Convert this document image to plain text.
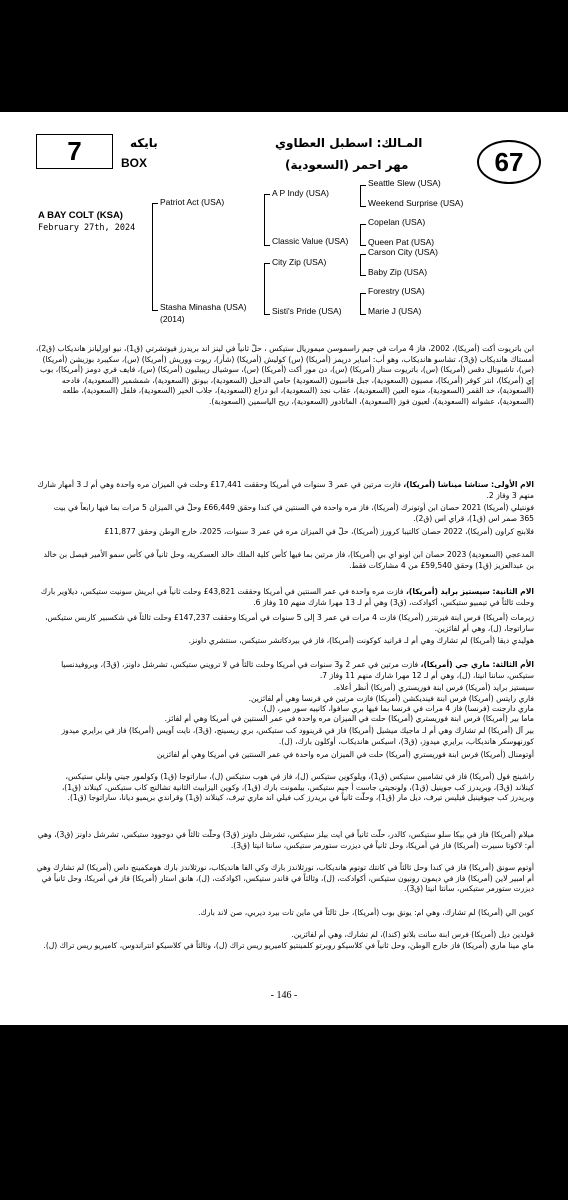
7	بايكه
BOX
المـالك: اسطبل العطاوي
مهر احمر (السعودية)	67
A BAY COLT (KSA)
February 27th, 2024
Patriot Act (USA)
Stasha Minasha (USA)
(2014)
A P Indy (USA)
Classic Value (USA)
City Zip (USA)
Sisti's Pride (USA)
Seattle Slew (USA)
Weekend Surprise (USA)
Copelan (USA)
Queen Pat (USA)
Carson City (USA)
Baby Zip (USA)
Forestry (USA)
Marie J (USA)
ابن باتريوت أكت (أمريكا)، 2002، فاز 4 مرات في جيم راسموسن ميموريال ستيكس ، حلّ ثانياً في لينز اند بريدرز فيوتشرتي (ق1)، نيو اورليانز هانديكاب (ق2)، أمستاك هانديكاب (ق3)، تشاسو هانديكاب، وهو أب: امباير دريمز (أمريكا) (س) كوليش (أمريكا) (شأر)، ريوت ووريش (أمريكا) (س)، سكيبرد بوزيشن (أمريكا) (س)، تاشيونال دقس (أمريكا) (س)، باتريوت ستار (أمريكا) (س)، دن مور أكت (أمريكا) (س)، سوشيال ريبيليون (أمريكا) (س)، فايف فري دومز (أمريكا)، بوب إي (أمريكا)، انتر كوفر (أمريكا)، مصيون (السعودية)، جبل قاسيون (السعودية) حامي الدخيل (السعودية)، بيونق (السعودية)، شمشمير (السعودية)، فادحه (السعودية)، خد القمر (السعودية)، منوه العين (السعودية)، عقاب نجد (السعودية)، ابو دراع (السعودية)، جلاب الخير (السعودية)، فلفل (السعودية)، طلعه (السعودية)، عشوانه (السعودية)، لعيون فوز (السعودية)، الماتادور (السعودية)، ريح الياسمين (السعودية).
الام الأولى: ستاشا ميناشا (أمريكا)، فازت مرتين في عمر 3 سنوات في أمريكا وحققت ‎£17,441‎ وحلت في الميزان مره واحدة وهي أم لـ 3 أمهار شارك منهم 3 وفاز 2.
فونتيلي (أمريكا) 2021 حصان ابن أوتونرك (أمريكا)، فاز مره واحدة في السنتين في كندا وحقق ‎£66,449‎ وحلّ في الميزان 5 مرات بما فيها رابعاً في بيت 365 صمر اس (ق1)، قراي اس (ق2).
فلابنج كراون (أمريكا)، 2022 حصان كالتيبا كرورز (أمريكا)، حلّ في الميزان مره في عمر 3 سنوات، 2025، خارج الوطن وحقق ‎£11,877
المدعجي (السعودية) 2023 حصان ابن اونو اي بي (أمريكا)، فاز مرتين بما فيها كأس كلية الملك خالد العسكرية، وحل ثانياً في كأس سمو الأمير فيصل بن خالد بن عبدالعزيز (ق1) وحقق ‎£59,540‎ من 4 مشاركات فقط.
الام الثانية: سيستيز برايد (أمريكا)، فازت مره واحدة في عمر السنتين في أمريكا وحققت ‎£43,821‎ وحلت ثانياً في ابريش سونيت ستيكس، ديلاوير بارك وحلت ثالثاً في تيمبيو ستيكس، أكوادكت، (ق3) وهي أم لـ 13 مهرا شارك منهم 10 وفاز 6.
زيرمات (أمريكا) فرس ابنة فيرنتزر (أمريكا) فازت 4 مرات في عمر 3 إلى 5 سنوات في أمريكا وحققت ‎£147,237‎ وحلت ثالثاً في شكسبير كاربس ستيكس، ساراتوجا، (ل)، وهي أم لفائزين.
هوليدي ديقا (أمريكا) لم تشارك وهي أم لـ قرانيد كوكونت (أمريكا)، فاز في بيردكاتشر ستيكس، سنتشري داونز.
الأم الثالثة: ماري جي (أمريكا)، فازت مرتين في عمر 2 و3 سنوات في أمريكا وحلت ثالثاً في لا ترويني ستيكس، تشرشل داونز، (ق3)، وبروفيدنسيا ستيكس، ساننا انيتا، (ل)، وهي أم لـ 12 مهرا شارك منهم 11 وفاز 7.
سيستيز برايد (أمريكا) فرس ابنة فوريستري (أمريكا) أنظر أعلاه.
فاري رايتس (أمريكا) فرس ابنة فينديكشن (أمريكا) فازت مرتين في فرنسا وهي أم لفائزين.
ماري دارجنت (فرنسا) فاز 4 مرات في فرنسا بما فيها بري سافوا، كانييه سور مير، (ل).
ماما بير (أمريكا) فرس ابنة فوريستري (أمريكا) حلت في الميزان مره واحدة في عمر السنتين في أمريكا وهي أم لفائز.
بير آل (أمريكا) لم تشارك وهي أم لـ ماجيك ميشيل (أمريكا) فاز في قرينوود كب ستيكس، بري ريسينج، (ق3)، نايت آويس (أمريكا) فاز في برايري ميدوز كورنهوسكر هانديكاب، برايري ميدوز، (ق3)، اسيكس هانديكاب، أوكلون بارك، (ل).
أوتومنال (أمريكا) فرس ابنة فوريستري (أمريكا) حلت في الميزان مره واحدة في عمر السنتين في أمريكا وهي أم لفائزين
راشينج فول (أمريكا) فاز في تشامبين ستيكس (ق1)، ويلوكوين ستيكس (ل)، فاز في هوب ستيكس (ل)، ساراتوجا (ق1) وكولمور جيني وابلي ستيكس، كينلاند (ق3)، وبريدرز كب جوينيل (ق1)، ولونجيتي جاست أ جيم ستيكس، بيلمونت بارك (ق1)، وكوين اليزابيث الثانية تشالنج كاب ستيكس، كينلاند (ق1)، وبريدرز كب جيوفينيل فيليس تيرف، ديل مار (ق1)، وحلّت ثانياً في بريدرز كب فيلي اند ماري تيرف، كينلاند (ق1) وقراندي بريميو ديانا، ساراتوجا (ق1).
ميلام (أمريكا) فاز في بيكا سلو ستيكس، كالدر، حلّت ثانياً في ايت بيلز ستيكس، تشرشل داونز (ق3) وحلّت ثالثاً في دوجوود ستيكس، تشرشل داونز (ق3)، وهي أم: لاكوتا سبيرت (أمريكا) فاز في أمريكا، وحل ثانياً في ديزرت ستورمر ستيكس، سانتا انيتا (ق3).
أوتوم سونق (أمريكا) فاز في كندا وحل ثالثاً في كانتك توتوم هانديكاب، نورثلاندز بارك وكي الفا هانديكاب، نورثلاندز بارك هومكمينج داس (أمريكا) لم تشارك وهي أم امبير لاين (أمريكا) فاز في ديمون رونيون ستيكس، أكوادكت، (ل)، وثالثاً في قاندر ستيكس، اكوادكت، (ل)، هانق استار (أمريكا) فاز في أمريكا، وحل ثانياً في ديزرت ستورمر ستيكس، سانتا انيتا (ق3).
كوين الي (أمريكا) لم تشارك، وهي ام: يونق بوب (أمريكا)، حل ثالثاً في ماين تات بيرد ديربي، صن لاند بارك.
قولدين ديل (أمريكا) فرس ابنة سانت بلاتو (كندا)، لم تشارك، وهي أم لفائزين.
ماي مينا ماري (أمريكا) فاز خارج الوطن، وحل ثانياً في كلاسيكو روبرتو كلمينتيو كاميريو ريس تراك (ل)، وثالثاً في كلاسيكو انتراندوس، كاميريو ريس تراك (ل).
- 146 -
